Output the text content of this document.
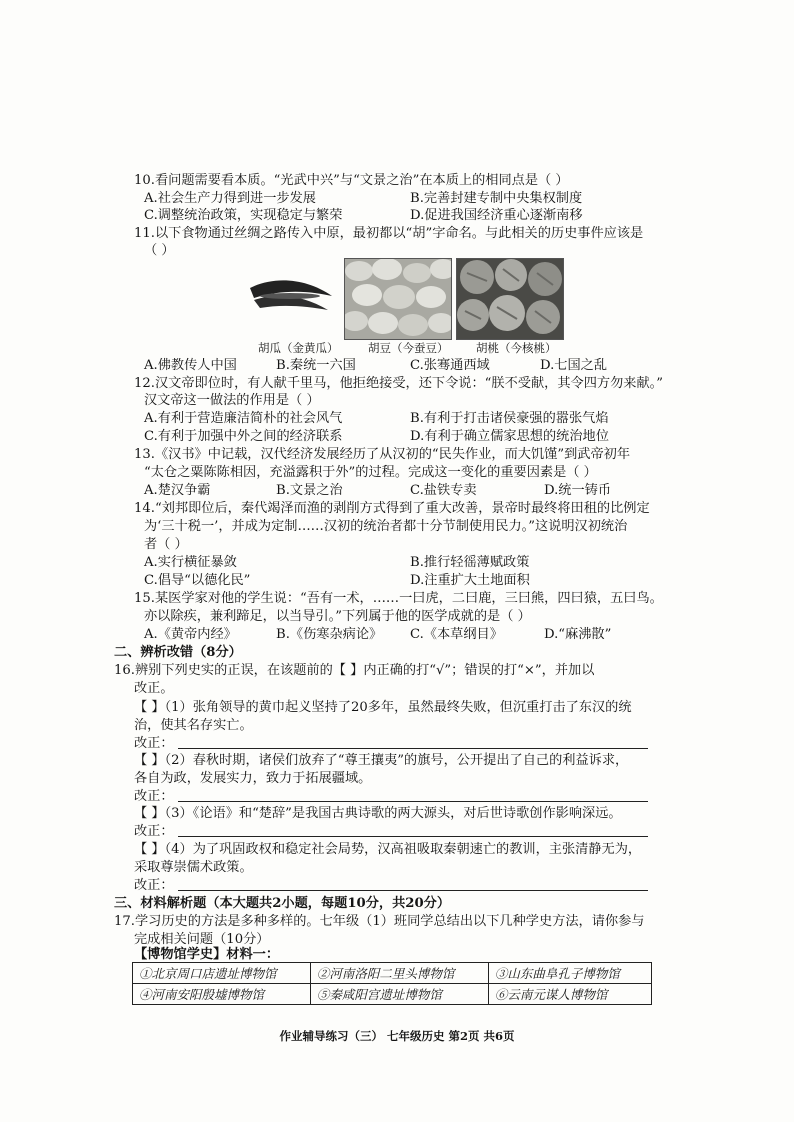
10.看问题需要看本质。“光武中兴”与“文景之治”在本质上的相同点是（ ）
A.社会生产力得到进一步发展	B.完善封建专制中央集权制度
C.调整统治政策，实现稳定与繁荣	D.促进我国经济重心逐渐南移
11.以下食物通过丝绸之路传入中原，最初都以“胡”字命名。与此相关的历史事件应该是
（ ）
胡瓜（金黄瓜）	胡豆（今蚕豆） 胡桃（今核桃）
A.佛教传人中国	B.秦统一六国	C.张骞通西域	D.七国之乱
12.汉文帝即位时，有人献千里马，他拒绝接受，还下令说：“朕不受献，其令四方勿来献。”
汉文帝这一做法的作用是（ ）
A.有利于营造廉洁简朴的社会风气	B.有利于打击诸侯豪强的嚣张气焰
C.有利于加强中外之间的经济联系	D.有利于确立儒家思想的统治地位
13.《汉书》中记载，汉代经济发展经历了从汉初的“民失作业，而大饥馑”到武帝初年
“太仓之粟陈陈相因，充溢露积于外”的过程。完成这一变化的重要因素是（ ）
A.楚汉争霸	B.文景之治	C.盐铁专卖	D.统一铸币
14.“刘邦即位后，秦代竭泽而渔的剥削方式得到了重大改善，景帝时最终将田租的比例定
为‘三十税一’，并成为定制……汉初的统治者都十分节制使用民力。”这说明汉初统治
者（ ）
A.实行横征暴敛	B.推行轻徭薄赋政策
C.倡导“以德化民”	D.注重扩大土地面积
15.某医学家对他的学生说：“吾有一术，……一曰虎，二曰鹿，三曰熊，四曰猿，五曰鸟。
亦以除疾，兼利蹄足，以当导引。”下列属于他的医学成就的是（ ）
A.《黄帝内经》	B.《伤寒杂病论》 C.《本草纲目》	D.“麻沸散”
二、辨析改错（8分）
16.辨别下列史实的正误，在该题前的【 】内正确的打“√”；错误的打“×”，并加以
改正。
【 】（1）张角领导的黄巾起义坚持了20多年，虽然最终失败，但沉重打击了东汉的统
治，使其名存实亡。
改正：
【 】（2）春秋时期，诸侯们放弃了“尊王攘夷”的旗号，公开提出了自己的利益诉求，
各自为政，发展实力，致力于拓展疆域。
改正：
【 】（3）《论语》和“楚辞”是我国古典诗歌的两大源头，对后世诗歌创作影响深远。
改正：
【 】（4）为了巩固政权和稳定社会局势，汉高祖吸取秦朝速亡的教训，主张清静无为，
采取尊崇儒术政策。
改正：
三、材料解析题（本大题共2小题，每题10分，共20分）
17.学习历史的方法是多种多样的。七年级（1）班同学总结出以下几种学史方法，请你参与
完成相关问题（10分）
【博物馆学史】材料一：
①北京周口店遗址博物馆	②河南洛阳二里头博物馆	③山东曲阜孔子博物馆
④河南安阳殷墟博物馆	⑤秦咸阳宫遗址博物馆	⑥云南元谋人博物馆
作业辅导练习（三） 七年级历史 第2页 共6页
